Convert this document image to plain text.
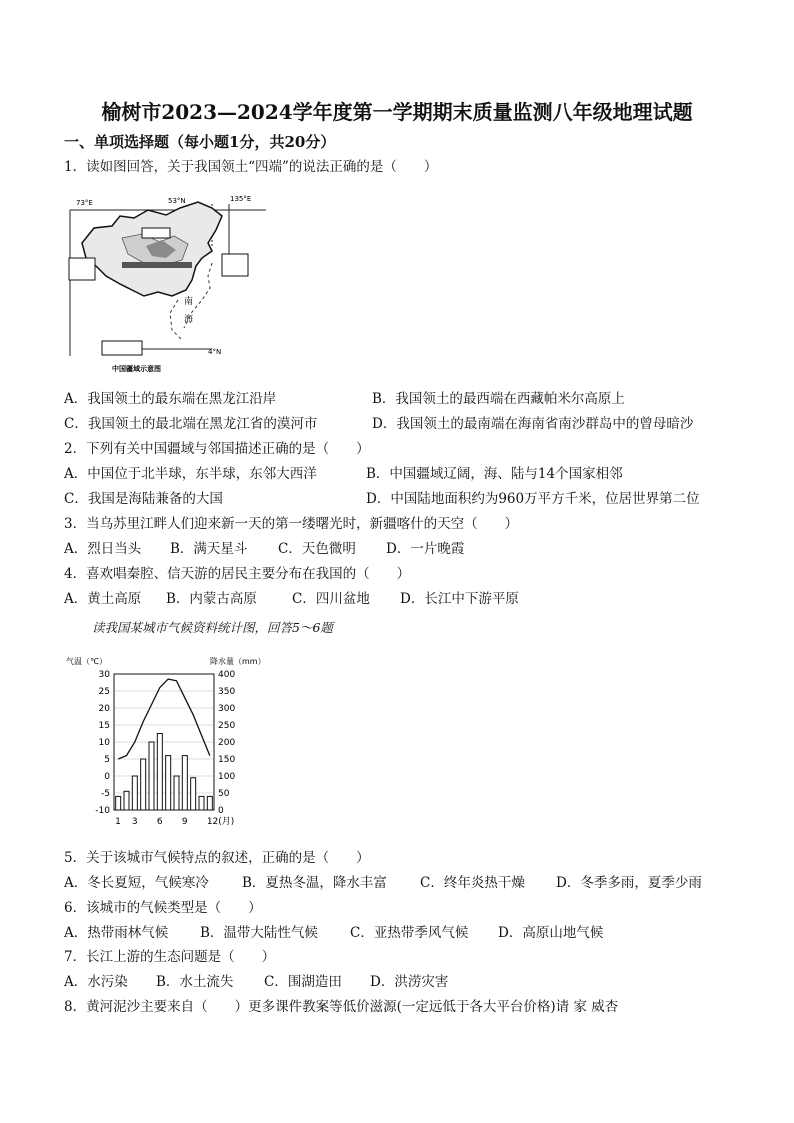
榆树市2023—2024学年度第一学期期末质量监测八年级地理试题
一、单项选择题（每小题1分，共20分）
1．读如图回答，关于我国领土“四端”的说法正确的是（　　）
73°E	53°N	135°E
4°N
南
海
中国疆域示意图
A．我国领土的最东端在黑龙江沿岸	B．我国领土的最西端在西藏帕米尔高原上
C．我国领土的最北端在黑龙江省的漠河市	D．我国领土的最南端在海南省南沙群岛中的曾母暗沙
2．下列有关中国疆域与邻国描述正确的是（　　）
A．中国位于北半球，东半球，东邻大西洋	B．中国疆域辽阔，海、陆与14个国家相邻
C．我国是海陆兼备的大国	D．中国陆地面积约为960万平方千米，位居世界第二位
3．当乌苏里江畔人们迎来新一天的第一缕曙光时，新疆喀什的天空（　　）
A．烈日当头 B．满天星斗 C．天色微明 D．一片晚霞
4．喜欢唱秦腔、信天游的居民主要分布在我国的（　　）
A．黄土高原 B．内蒙古高原	C．四川盆地 D．长江中下游平原
读我国某城市气候资料统计图，回答5～6题
气温（℃）	降水量（mm）
30	400
25	350
20	300
15	250
10	200
5	150
0	100
-5	50
-10	0
1 3 6 9 12(月)
5．关于该城市气候特点的叙述，正确的是（　　）
A．冬长夏短，气候寒冷 B．夏热冬温，降水丰富 C．终年炎热干燥 D．冬季多雨，夏季少雨
6．该城市的气候类型是（　　）
A．热带雨林气候 B．温带大陆性气候 C．亚热带季风气候 D．高原山地气候
7．长江上游的生态问题是（　　）
A．水污染 B．水土流失 C．围湖造田 D．洪涝灾害
8．黄河泥沙主要来自（　　）更多课件教案等低价滋源(一定远低于各大平台价格)请 家 威杏
